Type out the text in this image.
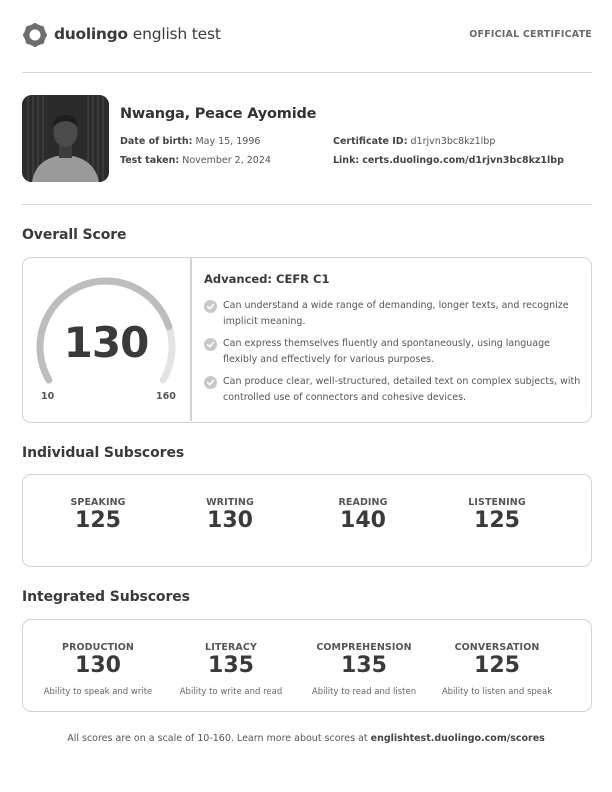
duolingo english test	OFFICIAL CERTIFICATE
Nwanga, Peace Ayomide
Date of birth: May 15, 1996
Test taken: November 2, 2024
Certificate ID: d1rjvn3bc8kz1lbp
Link: certs.duolingo.com/d1rjvn3bc8kz1lbp
Overall Score
130
10	160
Advanced: CEFR C1
Can understand a wide range of demanding, longer texts, and recognize implicit meaning.
Can express themselves fluently and spontaneously, using language flexibly and effectively for various purposes.
Can produce clear, well-structured, detailed text on complex subjects, with controlled use of connectors and cohesive devices.
Individual Subscores
SPEAKING
125
WRITING
130
READING
140
LISTENING
125
Integrated Subscores
PRODUCTION
130
Ability to speak and write
LITERACY
135
Ability to write and read
COMPREHENSION
135
Ability to read and listen
CONVERSATION
125
Ability to listen and speak
All scores are on a scale of 10-160. Learn more about scores at englishtest.duolingo.com/scores
